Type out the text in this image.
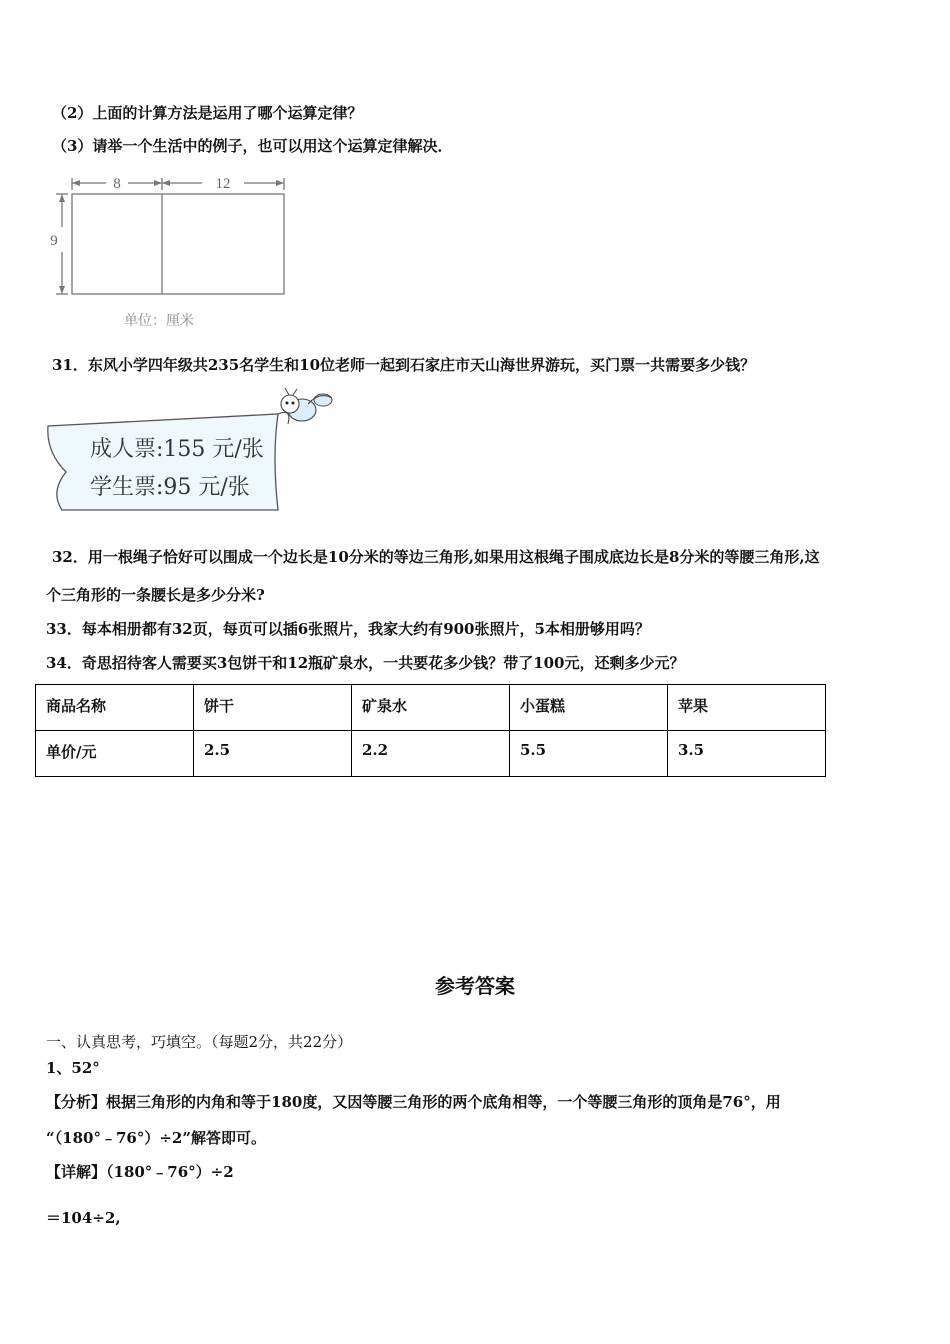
（2）上面的计算方法是运用了哪个运算定律？
（3）请举一个生活中的例子，也可以用这个运算定律解决．
8	12
9
单位：厘米
31．东风小学四年级共235名学生和10位老师一起到石家庄市天山海世界游玩，买门票一共需要多少钱？
成人票:155 元/张
学生票:95 元/张
32．用一根绳子恰好可以围成一个边长是10分米的等边三角形,如果用这根绳子围成底边长是8分米的等腰三角形,这
个三角形的一条腰长是多少分米?
33．每本相册都有32页，每页可以插6张照片，我家大约有900张照片，5本相册够用吗？
34．奇思招待客人需要买3包饼干和12瓶矿泉水，一共要花多少钱？带了100元，还剩多少元？
商品名称	饼干	矿泉水	小蛋糕	苹果
单价/元	2.5	2.2	5.5	3.5
参考答案
一、认真思考，巧填空。（每题2分，共22分）
1、52°
【分析】根据三角形的内角和等于180度，又因等腰三角形的两个底角相等，一个等腰三角形的顶角是76°，用
“（180°﹣76°）÷2”解答即可。
【详解】（180°﹣76°）÷2
＝104÷2,
